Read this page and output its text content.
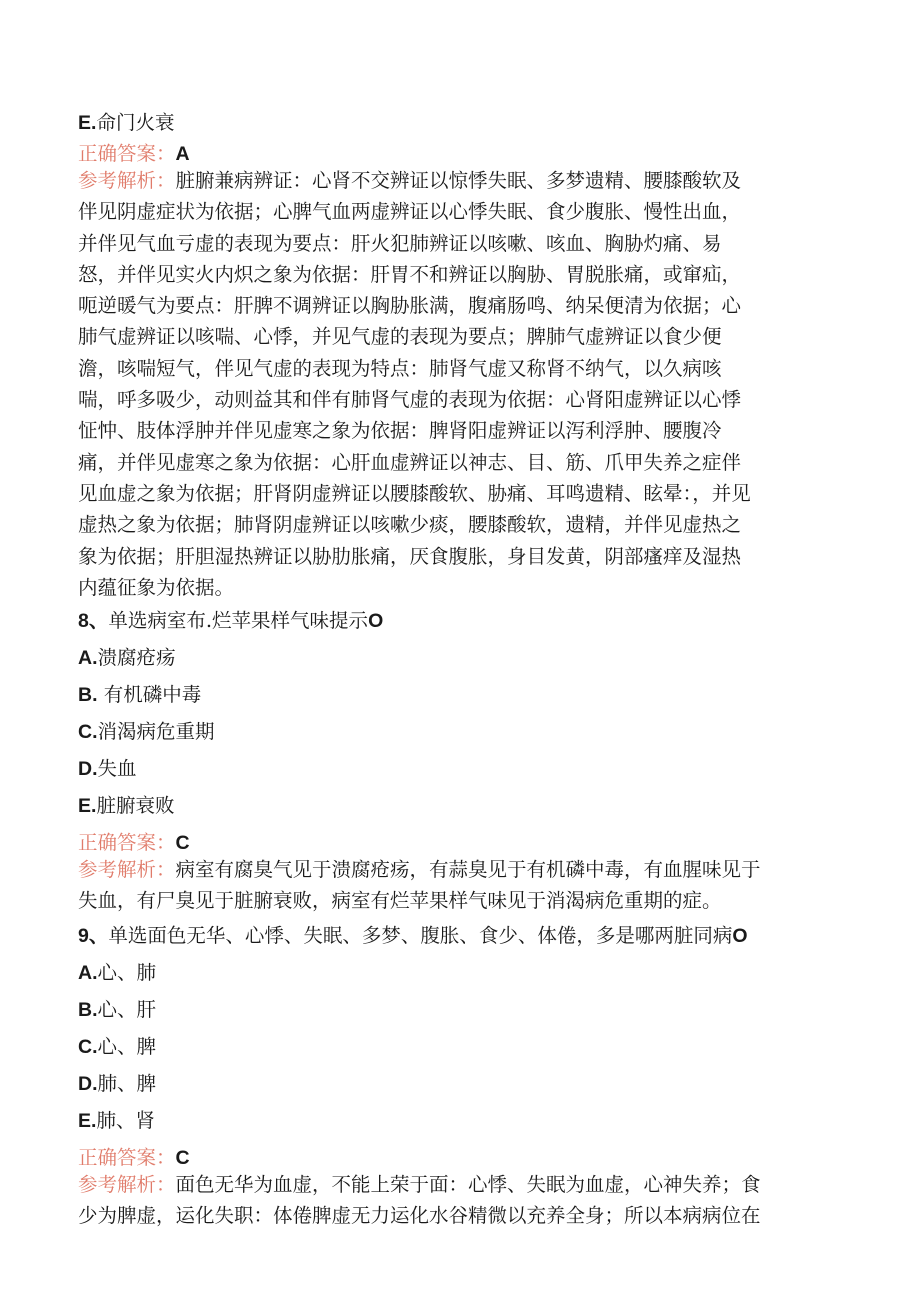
E.命门火衰

正确答案：A

参考解析：脏腑兼病辨证：心肾不交辨证以惊悸失眠、多梦遗精、腰膝酸软及
伴见阴虚症状为依据；心脾气血两虚辨证以心悸失眠、食少腹胀、慢性出血，
并伴见气血亏虚的表现为要点：肝火犯肺辨证以咳嗽、咳血、胸胁灼痛、易
怒，并伴见实火内炽之象为依据：肝胃不和辨证以胸胁、胃脱胀痛，或窜疝，
呃逆暖气为要点：肝脾不调辨证以胸胁胀满，腹痛肠鸣、纳呆便清为依据；心
肺气虚辨证以咳喘、心悸，并见气虚的表现为要点；脾肺气虚辨证以食少便
澹，咳喘短气，伴见气虚的表现为特点：肺肾气虚又称肾不纳气，以久病咳
喘，呼多吸少，动则益其和伴有肺肾气虚的表现为依据：心肾阳虚辨证以心悸
怔忡、肢体浮肿并伴见虚寒之象为依据：脾肾阳虚辨证以泻利浮肿、腰腹冷
痛，并伴见虚寒之象为依据：心肝血虚辨证以神志、目、筋、爪甲失养之症伴
见血虚之象为依据；肝肾阴虚辨证以腰膝酸软、胁痛、耳鸣遗精、眩晕：，并见
虚热之象为依据；肺肾阴虚辨证以咳嗽少痰，腰膝酸软，遗精，并伴见虚热之
象为依据；肝胆湿热辨证以胁肋胀痛，厌食腹胀，身目发黄，阴部瘙痒及湿热
内蕴征象为依据。

8、单选病室布.烂苹果样气味提示O

A.溃腐疮疡

B. 有机磷中毒

C.消渴病危重期

D.失血

E.脏腑衰败

正确答案：C

参考解析：病室有腐臭气见于溃腐疮疡，有蒜臭见于有机磷中毒，有血腥味见于
失血，有尸臭见于脏腑衰败，病室有烂苹果样气味见于消渴病危重期的症。

9、单选面色无华、心悸、失眠、多梦、腹胀、食少、体倦，多是哪两脏同病O

A.心、肺

B.心、肝

C.心、脾

D.肺、脾

E.肺、肾

正确答案：C

参考解析：面色无华为血虚，不能上荣于面：心悸、失眠为血虚，心神失养；食
少为脾虚，运化失职：体倦脾虚无力运化水谷精微以充养全身；所以本病病位在
